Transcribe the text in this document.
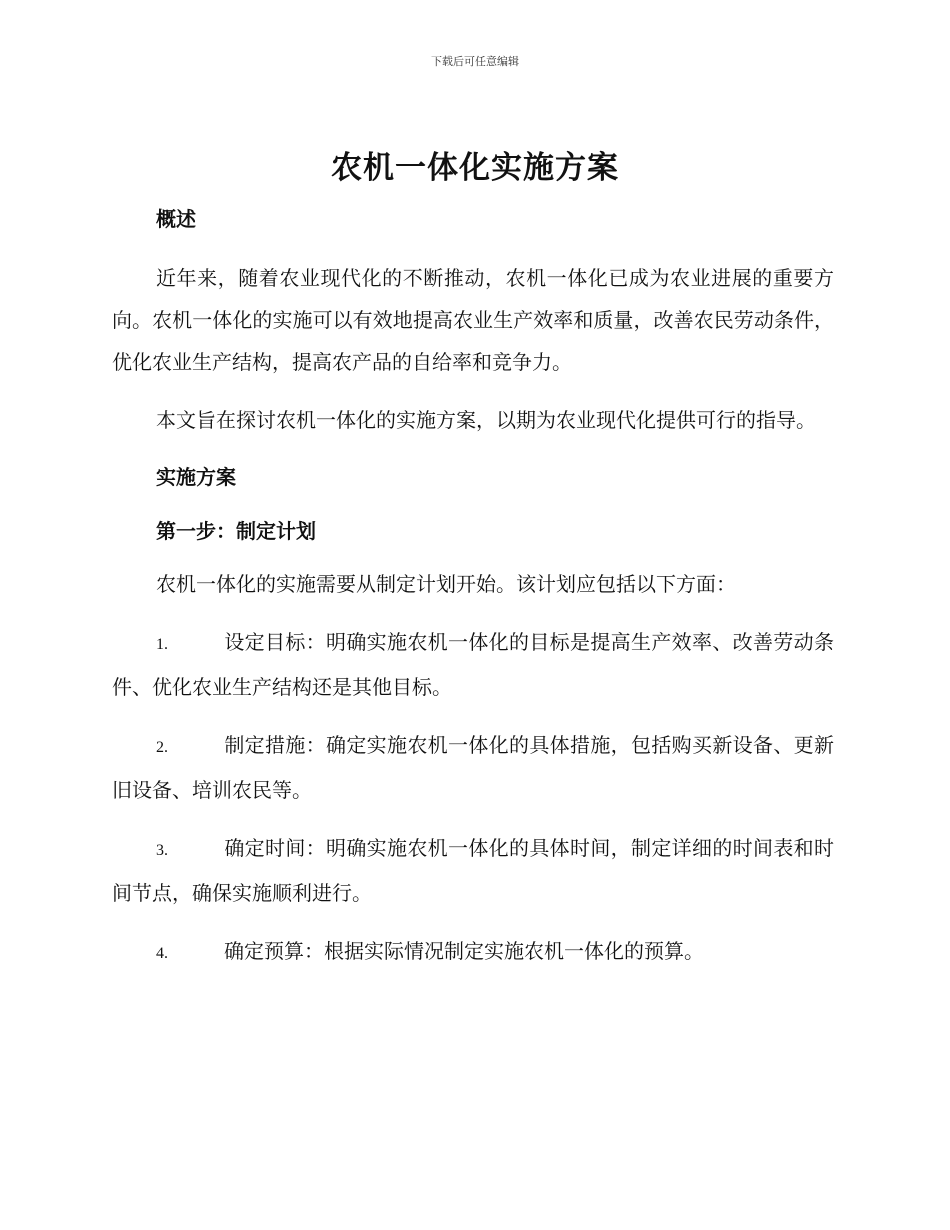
下载后可任意编辑
农机一体化实施方案

概述

近年来，随着农业现代化的不断推动，农机一体化已成为农业进展的重要方向。农机一体化的实施可以有效地提高农业生产效率和质量，改善农民劳动条件，优化农业生产结构，提高农产品的自给率和竞争力。

本文旨在探讨农机一体化的实施方案，以期为农业现代化提供可行的指导。

实施方案

第一步：制定计划

农机一体化的实施需要从制定计划开始。该计划应包括以下方面：

1.	设定目标：明确实施农机一体化的目标是提高生产效率、改善劳动条件、优化农业生产结构还是其他目标。

2.	制定措施：确定实施农机一体化的具体措施，包括购买新设备、更新旧设备、培训农民等。

3.	确定时间：明确实施农机一体化的具体时间，制定详细的时间表和时间节点，确保实施顺利进行。

4.	确定预算：根据实际情况制定实施农机一体化的预算。
